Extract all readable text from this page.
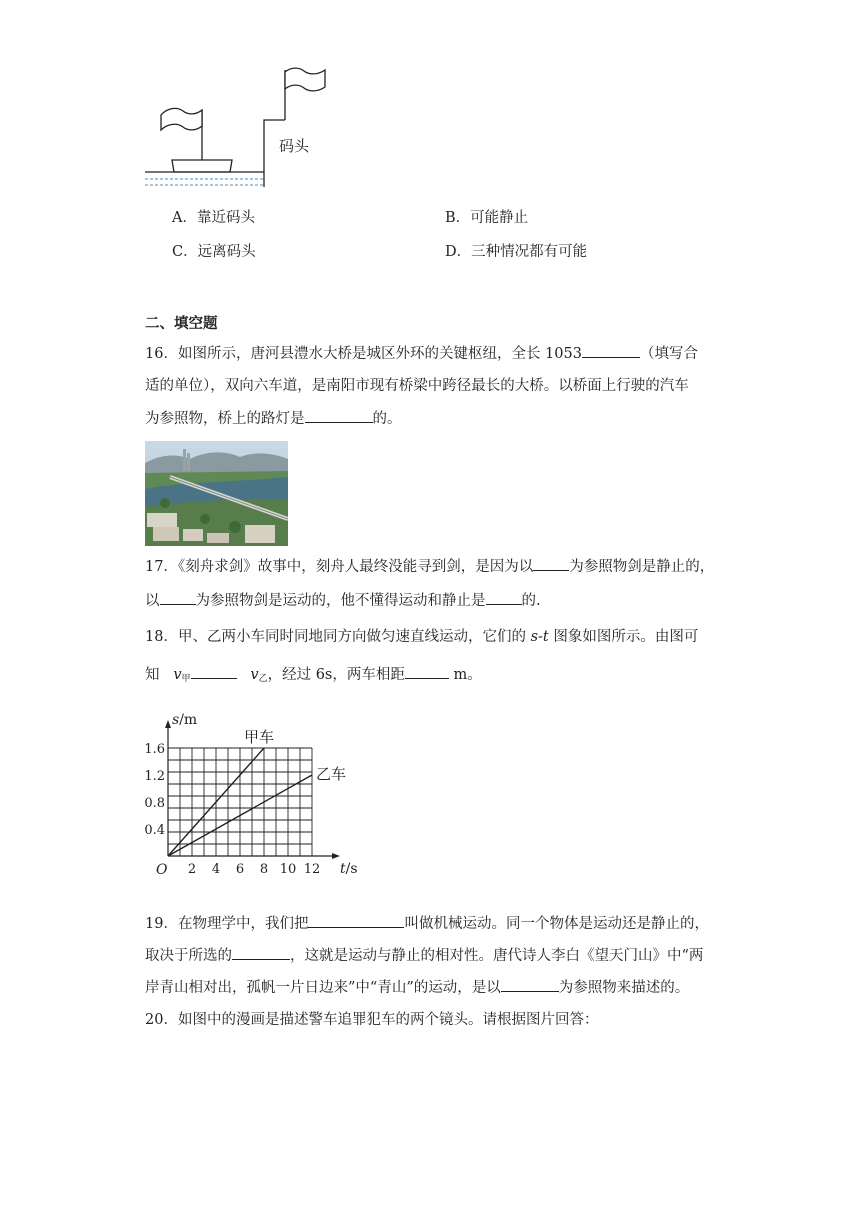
码头
A．靠近码头	B．可能静止
C．远离码头	D．三种情况都有可能
二、填空题
16．如图所示，唐河县澧水大桥是城区外环的关键枢纽，全长 1053	（填写合
适的单位），双向六车道，是南阳市现有桥梁中跨径最长的大桥。以桥面上行驶的汽车
为参照物，桥上的路灯是	的。
17．《刻舟求剑》故事中，刻舟人最终没能寻到剑，是因为以 为参照物剑是静止的，
以 为参照物剑是运动的，他不懂得运动和静止是 的.
18．甲、乙两小车同时同地同方向做匀速直线运动，它们的 s-t 图象如图所示。由图可
知 $v_甲$	$v_乙$，经过 6s，两车相距	m。
2 4 6 8 10 12
0.4
0.8
1.2
1.6
O	t/s
s/m
甲车
乙车
19．在物理学中，我们把	叫做机械运动。同一个物体是运动还是静止的，
取决于所选的	，这就是运动与静止的相对性。唐代诗人李白《望天门山》中“两
岸青山相对出，孤帆一片日边来”中“青山”的运动，是以	为参照物来描述的。
20．如图中的漫画是描述警车追罪犯车的两个镜头。请根据图片回答：
